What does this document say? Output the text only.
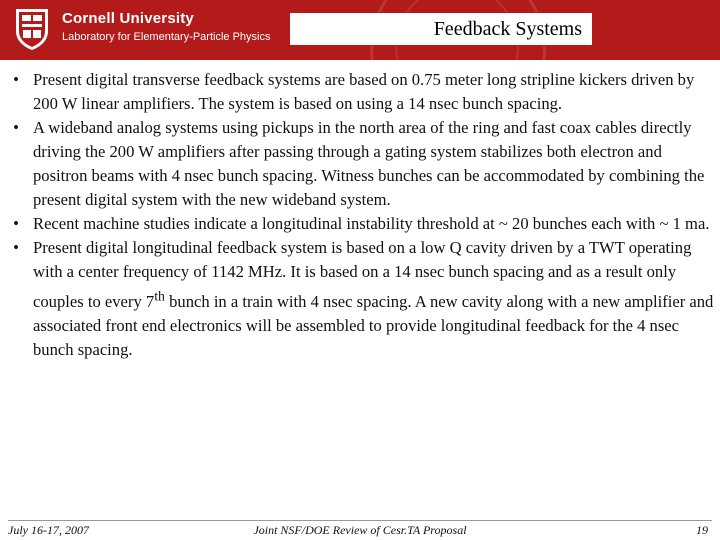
Cornell University
Laboratory for Elementary-Particle Physics	Feedback Systems
• Present digital transverse feedback systems are based on 0.75 meter long stripline kickers driven by 200 W linear amplifiers. The system is based on using a 14 nsec bunch spacing.
• A wideband analog systems using pickups in the north area of the ring and fast coax cables directly driving the 200 W amplifiers after passing through a gating system stabilizes both electron and positron beams with 4 nsec bunch spacing. Witness bunches can be accommodated by combining the present digital system with the new wideband system.
• Recent machine studies indicate a longitudinal instability threshold at ~ 20 bunches each with ~ 1 ma.
• Present digital longitudinal feedback system is based on a low Q cavity driven by a TWT operating with a center frequency of 1142 MHz. It is based on a 14 nsec bunch spacing and as a result only couples to every 7th bunch in a train with 4 nsec spacing. A new cavity along with a new amplifier and associated front end electronics will be assembled to provide longitudinal feedback for the 4 nsec bunch spacing.
July 16-17, 2007	Joint NSF/DOE Review of Cesr.TA Proposal	19
